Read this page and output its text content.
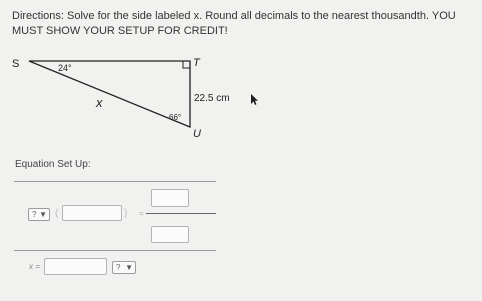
Directions: Solve for the side labeled x. Round all decimals to the nearest thousandth. YOU MUST SHOW YOUR SETUP FOR CREDIT!
S	T
U
24°
66°
x	22.5 cm
Equation Set Up:
? ▼ (	) =
x =	? ▼
